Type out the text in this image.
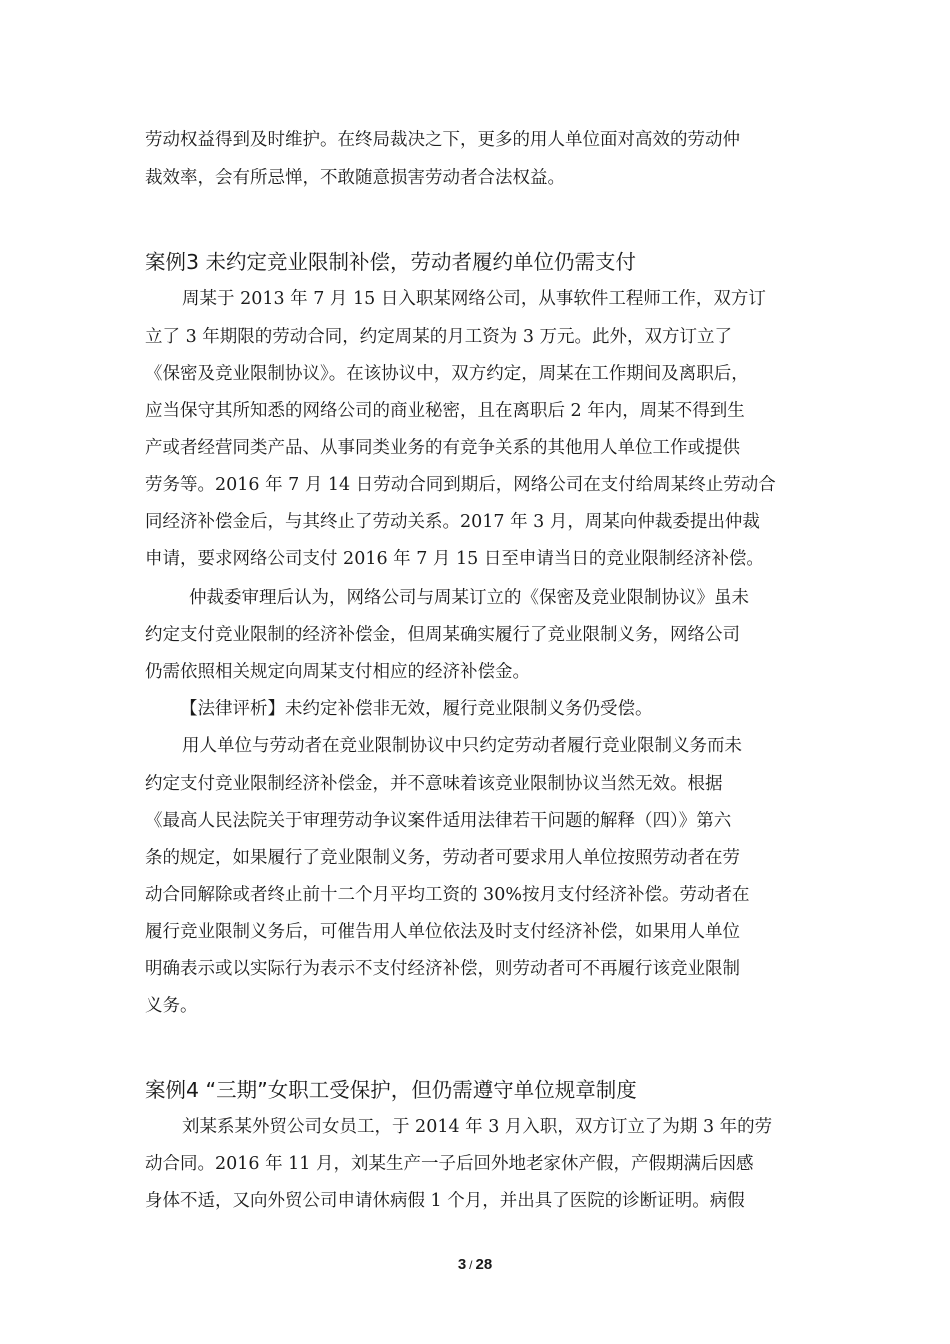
劳动权益得到及时维护。在终局裁决之下，更多的用人单位面对高效的劳动仲
裁效率，会有所忌惮，不敢随意损害劳动者合法权益。
案例3 未约定竞业限制补偿，劳动者履约单位仍需支付
周某于 2013 年 7 月 15 日入职某网络公司，从事软件工程师工作，双方订
立了 3 年期限的劳动合同，约定周某的月工资为 3 万元。此外，双方订立了
《保密及竞业限制协议》。在该协议中，双方约定，周某在工作期间及离职后，
应当保守其所知悉的网络公司的商业秘密，且在离职后 2 年内，周某不得到生
产或者经营同类产品、从事同类业务的有竞争关系的其他用人单位工作或提供
劳务等。2016 年 7 月 14 日劳动合同到期后，网络公司在支付给周某终止劳动合
同经济补偿金后，与其终止了劳动关系。2017 年 3 月，周某向仲裁委提出仲裁
申请，要求网络公司支付 2016 年 7 月 15 日至申请当日的竞业限制经济补偿。
仲裁委审理后认为，网络公司与周某订立的《保密及竞业限制协议》虽未
约定支付竞业限制的经济补偿金，但周某确实履行了竞业限制义务，网络公司
仍需依照相关规定向周某支付相应的经济补偿金。
【法律评析】未约定补偿非无效，履行竞业限制义务仍受偿。
用人单位与劳动者在竞业限制协议中只约定劳动者履行竞业限制义务而未
约定支付竞业限制经济补偿金，并不意味着该竞业限制协议当然无效。根据
《最高人民法院关于审理劳动争议案件适用法律若干问题的解释（四）》第六
条的规定，如果履行了竞业限制义务，劳动者可要求用人单位按照劳动者在劳
动合同解除或者终止前十二个月平均工资的 30%按月支付经济补偿。劳动者在
履行竞业限制义务后，可催告用人单位依法及时支付经济补偿，如果用人单位
明确表示或以实际行为表示不支付经济补偿，则劳动者可不再履行该竞业限制
义务。
案例4 “三期”女职工受保护，但仍需遵守单位规章制度
刘某系某外贸公司女员工，于 2014 年 3 月入职，双方订立了为期 3 年的劳
动合同。2016 年 11 月，刘某生产一子后回外地老家休产假，产假期满后因感
身体不适，又向外贸公司申请休病假 1 个月，并出具了医院的诊断证明。病假
3 / 28
